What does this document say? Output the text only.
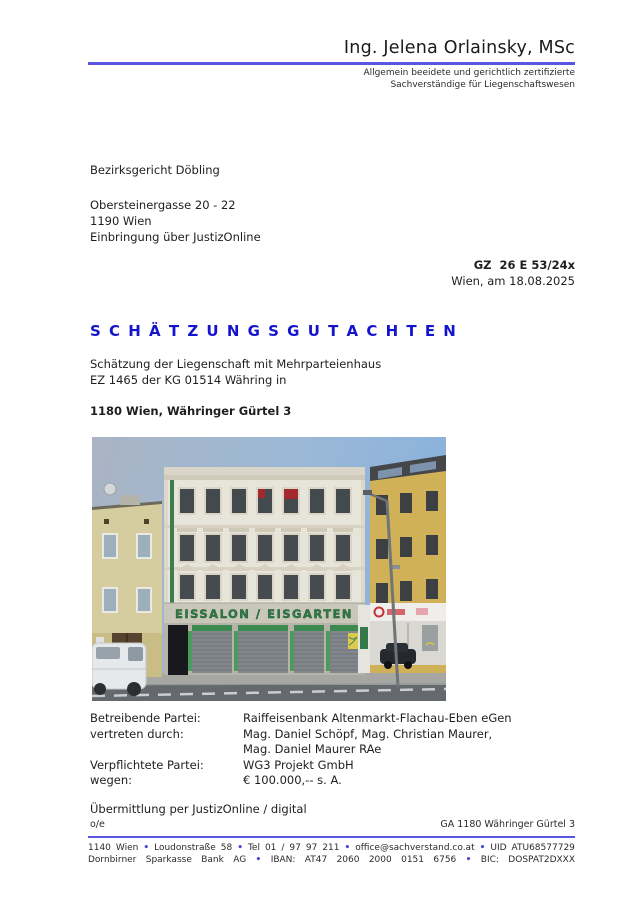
Ing. Jelena Orlainsky, MSc
Allgemein beeidete und gerichtlich zertifizierte
Sachverständige für Liegenschaftswesen
Bezirksgericht Döbling
Obersteinergasse 20 - 22
1190 Wien
Einbringung über JustizOnline
GZ  26 E 53/24x
Wien, am 18.08.2025
S C H Ä T Z U N G S G U T A C H T E N
Schätzung der Liegenschaft mit Mehrparteienhaus
EZ 1465 der KG 01514 Währing in
1180 Wien, Währinger Gürtel 3
EISSALON / EISGARTEN
Betreibende Partei:	Raiffeisenbank Altenmarkt-Flachau-Eben eGen
vertreten durch:	Mag. Daniel Schöpf, Mag. Christian Maurer,
Mag. Daniel Maurer RAe
Verpflichtete Partei:	WG3 Projekt GmbH
wegen:	€ 100.000,-- s. A.
Übermittlung per JustizOnline / digital
o/e	GA 1180 Währinger Gürtel 3
1140 Wien • Loudonstraße 58 • Tel 01 / 97 97 211 • office@sachverstand.co.at • UID ATU68577729
Dornbirner Sparkasse Bank AG • IBAN: AT47 2060 2000 0151 6756 • BIC: DOSPAT2DXXX
